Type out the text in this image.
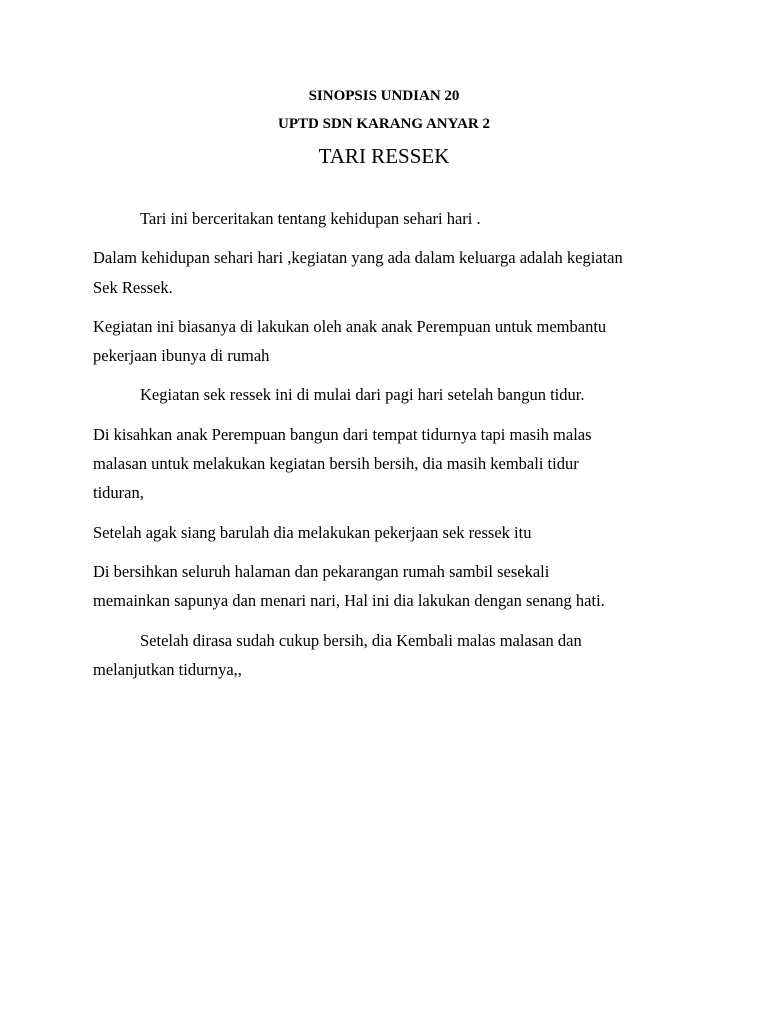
SINOPSIS UNDIAN 20
UPTD SDN KARANG ANYAR 2
TARI RESSEK

Tari ini berceritakan tentang kehidupan sehari hari .

Dalam kehidupan sehari hari ,kegiatan yang ada dalam keluarga adalah kegiatan
Sek Ressek.

Kegiatan ini biasanya di lakukan oleh anak anak Perempuan untuk membantu
pekerjaan ibunya di rumah

Kegiatan sek ressek ini di mulai dari pagi hari setelah bangun tidur.

Di kisahkan anak Perempuan bangun dari tempat tidurnya tapi masih malas
malasan untuk melakukan kegiatan bersih bersih, dia masih kembali tidur
tiduran,

Setelah agak siang barulah dia melakukan pekerjaan sek ressek itu

Di bersihkan seluruh halaman dan pekarangan rumah sambil sesekali
memainkan sapunya dan menari nari, Hal ini dia lakukan dengan senang hati.

Setelah dirasa sudah cukup bersih, dia Kembali malas malasan dan
melanjutkan tidurnya,,
